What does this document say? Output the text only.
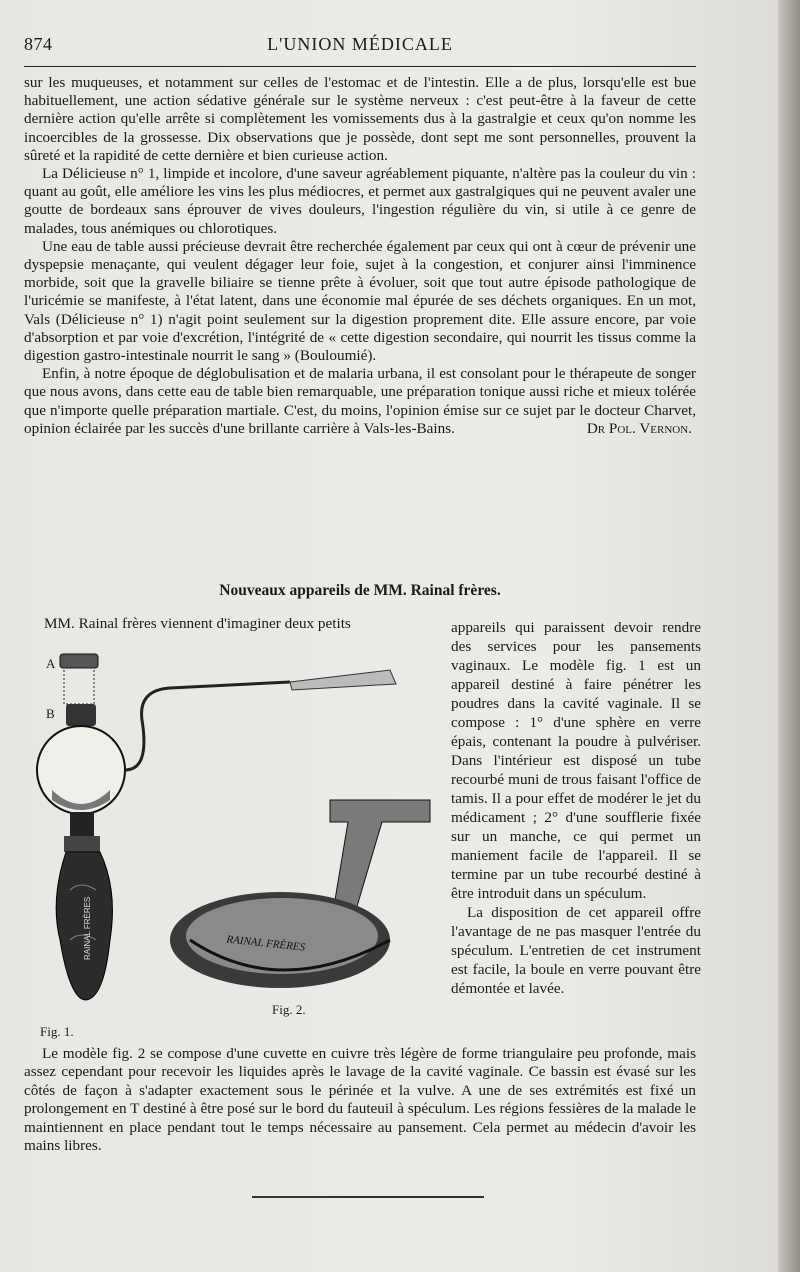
874	L'UNION MÉDICALE

sur les muqueuses, et notamment sur celles de l'estomac et de l'intestin. Elle a de plus, lorsqu'elle est bue habituellement, une action sédative générale sur le système nerveux : c'est peut-être à la faveur de cette dernière action qu'elle arrête si complètement les vomissements dus à la gastralgie et ceux qu'on nomme les incoercibles de la grossesse. Dix observations que je possède, dont sept me sont personnelles, prouvent la sûreté et la rapidité de cette dernière et bien curieuse action.

La Délicieuse n° 1, limpide et incolore, d'une saveur agréablement piquante, n'altère pas la couleur du vin : quant au goût, elle améliore les vins les plus médiocres, et permet aux gastralgiques qui ne peuvent avaler une goutte de bordeaux sans éprouver de vives douleurs, l'ingestion régulière du vin, si utile à ce genre de malades, tous anémiques ou chlorotiques.

Une eau de table aussi précieuse devrait être recherchée également par ceux qui ont à cœur de prévenir une dyspepsie menaçante, qui veulent dégager leur foie, sujet à la congestion, et conjurer ainsi l'imminence morbide, soit que la gravelle biliaire se tienne prête à évoluer, soit que tout autre épisode pathologique de l'uricémie se manifeste, à l'état latent, dans une économie mal épurée de ses déchets organiques. En un mot, Vals (Délicieuse n° 1) n'agit point seulement sur la digestion proprement dite. Elle assure encore, par voie d'absorption et par voie d'excrétion, l'intégrité de « cette digestion secondaire, qui nourrit les tissus comme la digestion gastro-intestinale nourrit le sang » (Bouloumié).

Enfin, à notre époque de déglobulisation et de malaria urbana, il est consolant pour le thérapeute de songer que nous avons, dans cette eau de table bien remarquable, une préparation tonique aussi riche et mieux tolérée que n'importe quelle préparation martiale. C'est, du moins, l'opinion émise sur ce sujet par le docteur Charvet, opinion éclairée par les succès d'une brillante carrière à Vals-les-Bains.	Dr Pol. Vernon.
Nouveaux appareils de MM. Rainal frères.
MM. Rainal frères viennent d'imaginer deux petits	appareils qui paraissent devoir rendre des services pour les pansements vaginaux. Le modèle fig. 1 est un appareil destiné à faire pénétrer les poudres dans la cavité vaginale. Il se compose : 1° d'une sphère en verre épais, contenant la poudre à pulvériser. Dans l'intérieur est disposé un tube recourbé muni de trous faisant l'office de tamis. Il a pour effet de modérer le jet du médicament ; 2° d'une soufflerie fixée sur un manche, ce qui permet un maniement facile de l'appareil. Il se termine par un tube recourbé destiné à être introduit dans un spéculum.

La disposition de cet appareil offre l'avantage de ne pas masquer l'entrée du spéculum. L'entretien de cet instrument est facile, la boule en verre pouvant être démontée et lavée.

RAINAL FRÈRES	RAINAL FRÈRES
A
B
Fig. 1.
Fig. 2.

Le modèle fig. 2 se compose d'une cuvette en cuivre très légère de forme triangulaire peu profonde, mais assez cependant pour recevoir les liquides après le lavage de la cavité vaginale. Ce bassin est évasé sur les côtés de façon à s'adapter exactement sous le périnée et la vulve. A une de ses extrémités est fixé un prolongement en T destiné à être posé sur le bord du fauteuil à spéculum. Les régions fessières de la malade le maintiennent en place pendant tout le temps nécessaire au pansement. Cela permet au médecin d'avoir les mains libres.
